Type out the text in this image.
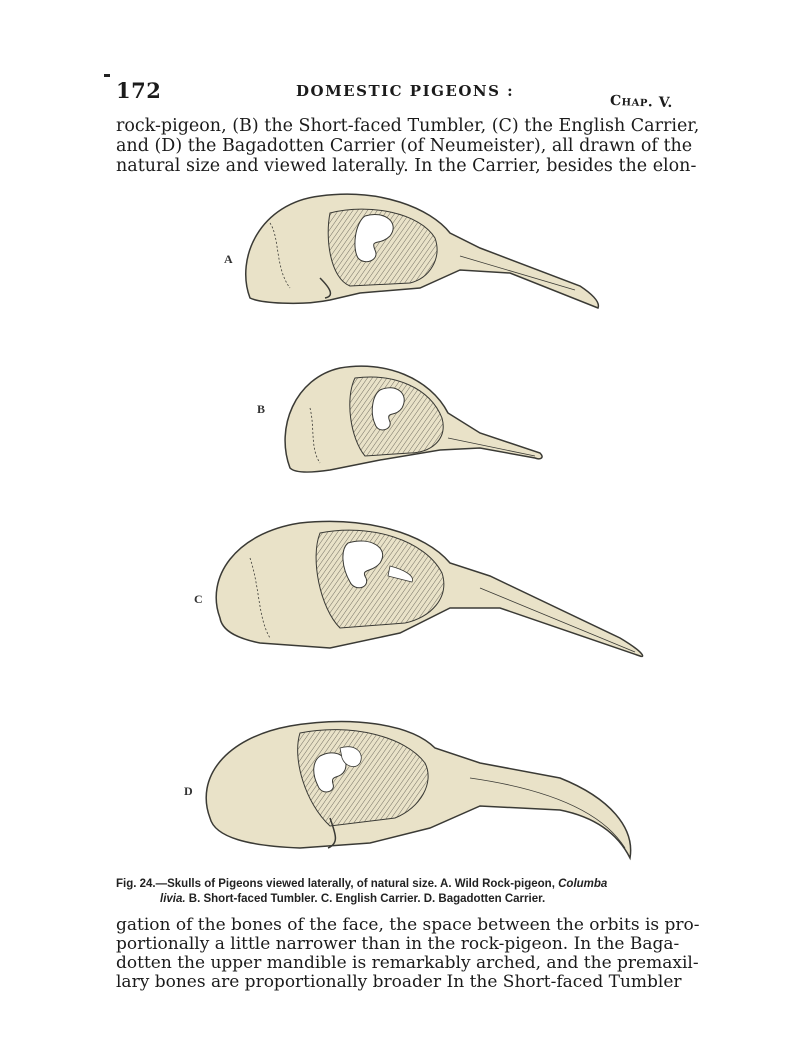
172	DOMESTIC PIGEONS :
Chap. V.
rock-pigeon, (B) the Short-faced Tumbler, (C) the English Carrier,
and (D) the Bagadotten Carrier (of Neumeister), all drawn of the
natural size and viewed laterally. In the Carrier, besides the elon-
A
B
C
D
Fig. 24.—Skulls of Pigeons viewed laterally, of natural size. A. Wild Rock-pigeon, Columba
livia. B. Short-faced Tumbler. C. English Carrier. D. Bagadotten Carrier.
gation of the bones of the face, the space between the orbits is pro-
portionally a little narrower than in the rock-pigeon. In the Baga-
dotten the upper mandible is remarkably arched, and the premaxil-
lary bones are proportionally broader In the Short-faced Tumbler
